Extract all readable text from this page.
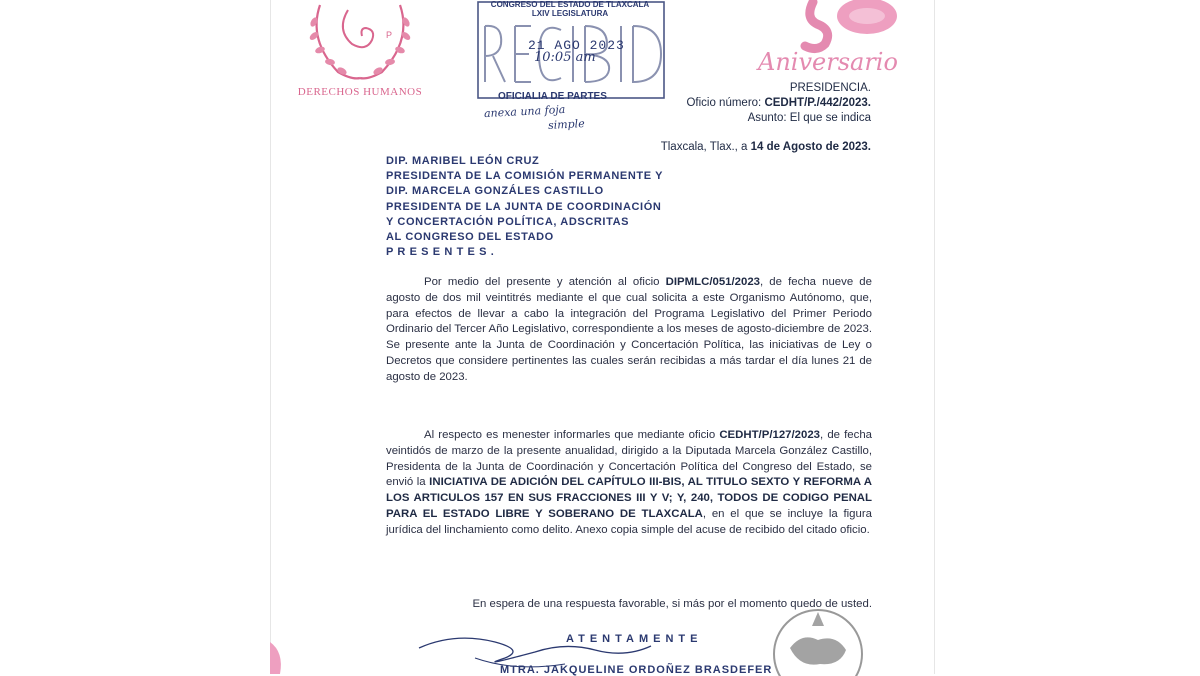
P
DERECHOS HUMANOS
Aniversario
CONGRESO DEL ESTADO DE TLAXCALA
LXIV LEGISLATURA
21 AGO 2023
10:05 am
OFICIALIA DE PARTES
anexa una foja
simple
PRESIDENCIA.
Oficio número: CEDHT/P./442/2023.
Asunto: El que se indica
Tlaxcala, Tlax., a 14 de Agosto de 2023.
DIP. MARIBEL LEÓN CRUZ
PRESIDENTA DE LA COMISIÓN PERMANENTE Y
DIP. MARCELA GONZÁLES CASTILLO
PRESIDENTA DE LA JUNTA DE COORDINACIÓN
Y CONCERTACIÓN POLÍTICA, ADSCRITAS
AL CONGRESO DEL ESTADO
P R E S E N T E S .
Por medio del presente y atención al oficio DIPMLC/051/2023, de fecha nueve de agosto de dos mil veintitrés mediante el que cual solicita a este Organismo Autónomo, que, para efectos de llevar a cabo la integración del Programa Legislativo del Primer Periodo Ordinario del Tercer Año Legislativo, correspondiente a los meses de agosto-diciembre de 2023. Se presente ante la Junta de Coordinación y Concertación Política, las iniciativas de Ley o Decretos que considere pertinentes las cuales serán recibidas a más tardar el día lunes 21 de agosto de 2023.
Al respecto es menester informarles que mediante oficio CEDHT/P/127/2023, de fecha veintidós de marzo de la presente anualidad, dirigido a la Diputada Marcela González Castillo, Presidenta de la Junta de Coordinación y Concertación Política del Congreso del Estado, se envió la INICIATIVA DE ADICIÓN DEL CAPÍTULO III-BIS, AL TITULO SEXTO Y REFORMA A LOS ARTICULOS 157 EN SUS FRACCIONES III Y V; Y, 240, TODOS DE CODIGO PENAL PARA EL ESTADO LIBRE Y SOBERANO DE TLAXCALA, en el que se incluye la figura jurídica del linchamiento como delito. Anexo copia simple del acuse de recibido del citado oficio.
En espera de una respuesta favorable, si más por el momento quedo de usted.
ATENTAMENTE
MTRA. JAKQUELINE ORDOÑEZ BRASDEFER
